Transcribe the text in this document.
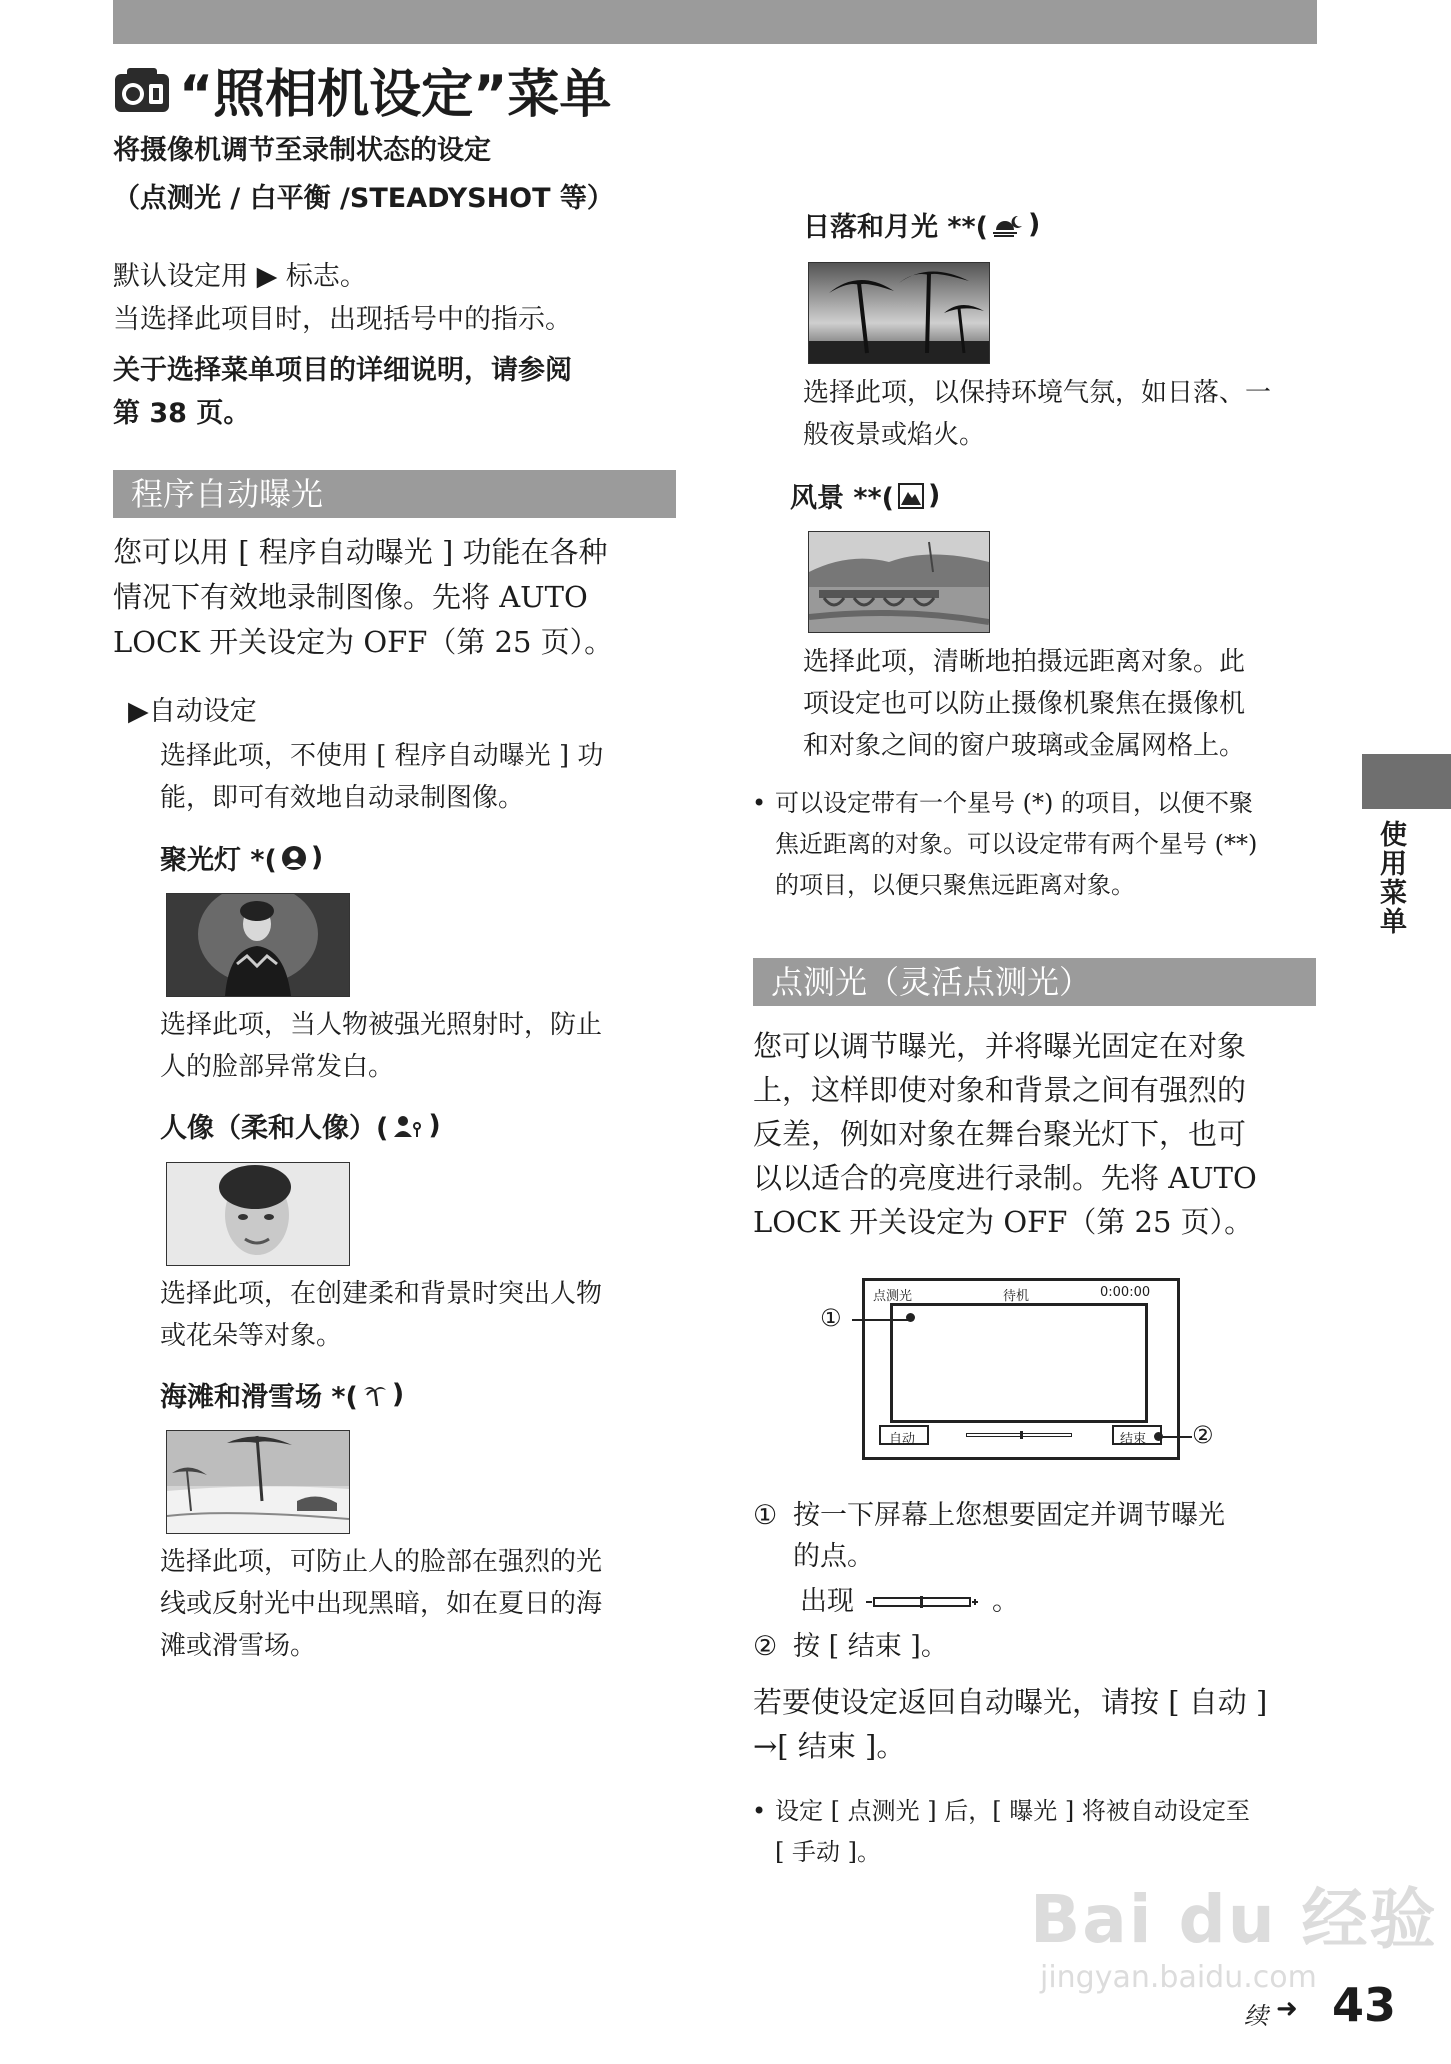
“照相机设定”菜单
将摄像机调节至录制状态的设定
（点测光 / 白平衡 /STEADYSHOT 等）
默认设定用 ▶ 标志。
当选择此项目时，出现括号中的指示。
关于选择菜单项目的详细说明，请参阅
第 38 页。
程序自动曝光
您可以用 [ 程序自动曝光 ] 功能在各种
情况下有效地录制图像。先将 AUTO
LOCK 开关设定为 OFF（第 25 页）。
▶自动设定
选择此项，不使用 [ 程序自动曝光 ] 功
能，即可有效地自动录制图像。
聚光灯 *( )
选择此项，当人物被强光照射时，防止
人的脸部异常发白。
人像（柔和人像）( )
选择此项，在创建柔和背景时突出人物
或花朵等对象。
海滩和滑雪场 *( )
选择此项，可防止人的脸部在强烈的光
线或反射光中出现黑暗，如在夏日的海
滩或滑雪场。
日落和月光 **( )
选择此项，以保持环境气氛，如日落、一
般夜景或焰火。
风景 **( )
选择此项，清晰地拍摄远距离对象。此
项设定也可以防止摄像机聚焦在摄像机
和对象之间的窗户玻璃或金属网格上。
• 可以设定带有一个星号 (*) 的项目，以便不聚
焦近距离的对象。可以设定带有两个星号 (**)
的项目，以便只聚焦远距离对象。
点测光（灵活点测光）
您可以调节曝光，并将曝光固定在对象
上，这样即使对象和背景之间有强烈的
反差，例如对象在舞台聚光灯下，也可
以以适合的亮度进行录制。先将 AUTO
LOCK 开关设定为 OFF（第 25 页）。
点测光	待机	0:00:00
自动	结束
①
②
① 按一下屏幕上您想要固定并调节曝光
的点。
出现	。
② 按 [ 结束 ]。
若要使设定返回自动曝光，请按 [ 自动 ]
→[ 结束 ]。
• 设定 [ 点测光 ] 后，[ 曝光 ] 将被自动设定至
[ 手动 ]。
使用菜单
Bai du 经验
jingyan.baidu.com
续 ➜ 43
